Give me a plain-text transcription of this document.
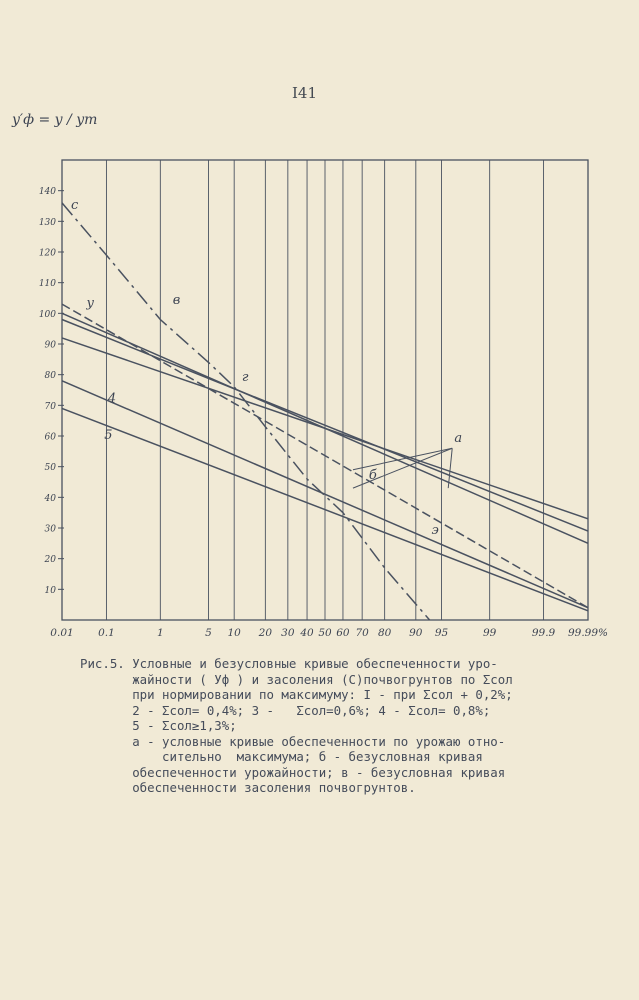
I41
y′ф = y / ym
0.01 0.1	1	5 10 20 30 40 50 60 70 80 90 95	99	99.9 99.99%
10
20
30
40
50
60
70
80
90
100
110
120
130
140
с
в
у
г
4
5	а
б
э

Рис.5. Условные и безусловные кривые обеспеченности уро-

жайности ( Уф ) и засоления (С)почвогрунтов по Σсол

при нормировании по максимуму: I - при Σсол + 0,2%;

2 - Σсол= 0,4%; 3 -   Σсол=0,6%; 4 - Σсол= 0,8%;

5 - Σсол≥1,3%;

а - условные кривые обеспеченности по урожаю отно-

сительно  максимума; б - безусловная кривая

обеспеченности урожайности; в - безусловная кривая

обеспеченности засоления почвогрунтов.
